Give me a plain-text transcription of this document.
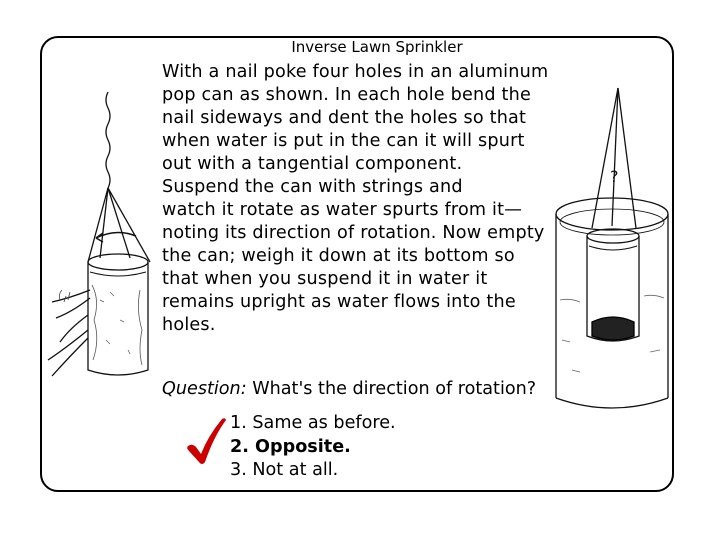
Inverse Lawn Sprinkler
?
With a nail poke four holes in an aluminum
pop can as shown. In each hole bend the
nail sideways and dent the holes so that
when water is put in the can it will spurt
out with a tangential component.
Suspend the can with strings and
watch it rotate as water spurts from it—
noting its direction of rotation. Now empty
the can; weigh it down at its bottom so
that when you suspend it in water it
remains upright as water flows into the
holes.
Question: What's the direction of rotation?
1. Same as before.
2. Opposite.
3. Not at all.
